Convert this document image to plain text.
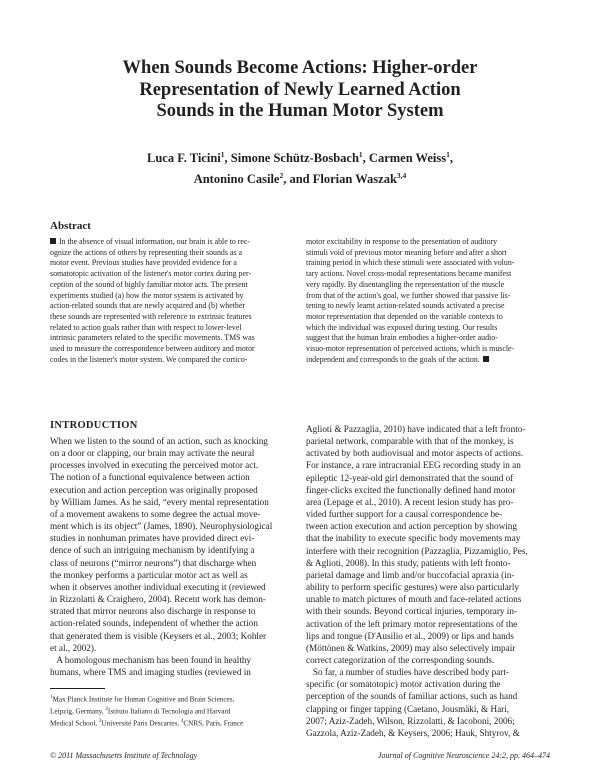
When Sounds Become Actions: Higher-order
Representation of Newly Learned Action
Sounds in the Human Motor System
Luca F. Ticini$^1$, Simone Schütz-Bosbach$^1$, Carmen Weiss$^1$,
Antonino Casile$^2$, and Florian Waszak$^{3,4}$
Abstract
In the absence of visual information, our brain is able to rec-
ognize the actions of others by representing their sounds as a
motor event. Previous studies have provided evidence for a
somatotopic activation of the listener's motor cortex during per-
ception of the sound of highly familiar motor acts. The present
experiments studied (a) how the motor system is activated by
action-related sounds that are newly acquired and (b) whether
these sounds are represented with reference to extrinsic features
related to action goals rather than with respect to lower-level
intrinsic parameters related to the specific movements. TMS was
used to measure the correspondence between auditory and motor
codes in the listener's motor system. We compared the cortico-
motor excitability in response to the presentation of auditory
stimuli void of previous motor meaning before and after a short
training period in which these stimuli were associated with volun-
tary actions. Novel cross-modal representations became manifest
very rapidly. By disentangling the representation of the muscle
from that of the action's goal, we further showed that passive lis-
tening to newly learnt action-related sounds activated a precise
motor representation that depended on the variable contexts to
which the individual was exposed during testing. Our results
suggest that the human brain embodies a higher-order audio-
visuo-motor representation of perceived actions, which is muscle-
independent and corresponds to the goals of the action.
INTRODUCTION
When we listen to the sound of an action, such as knocking
on a door or clapping, our brain may activate the neural
processes involved in executing the perceived motor act.
The notion of a functional equivalence between action
execution and action perception was originally proposed
by William James. As he said, “every mental representation
of a movement awakens to some degree the actual move-
ment which is its object” (James, 1890). Neurophysiological
studies in nonhuman primates have provided direct evi-
dence of such an intriguing mechanism by identifying a
class of neurons (“mirror neurons”) that discharge when
the monkey performs a particular motor act as well as
when it observes another individual executing it (reviewed
in Rizzolatti & Craighero, 2004). Recent work has demon-
strated that mirror neurons also discharge in response to
action-related sounds, independent of whether the action
that generated them is visible (Keysers et al., 2003; Kohler
et al., 2002).
A homologous mechanism has been found in healthy
humans, where TMS and imaging studies (reviewed in
Aglioti & Pazzaglia, 2010) have indicated that a left fronto-
parietal network, comparable with that of the monkey, is
activated by both audiovisual and motor aspects of actions.
For instance, a rare intracranial EEG recording study in an
epileptic 12-year-old girl demonstrated that the sound of
finger-clicks excited the functionally defined hand motor
area (Lepage et al., 2010). A recent lesion study has pro-
vided further support for a causal correspondence be-
tween action execution and action perception by showing
that the inability to execute specific body movements may
interfere with their recognition (Pazzaglia, Pizzamiglio, Pes,
& Aglioti, 2008). In this study, patients with left fronto-
parietal damage and limb and/or buccofacial apraxia (in-
ability to perform specific gestures) were also particularly
unable to match pictures of mouth and face-related actions
with their sounds. Beyond cortical injuries, temporary in-
activation of the left primary motor representations of the
lips and tongue (D'Ausilio et al., 2009) or lips and hands
(Möttönen & Watkins, 2009) may also selectively impair
correct categorization of the corresponding sounds.
So far, a number of studies have described body part-
specific (or somatotopic) motor activation during the
perception of the sounds of familiar actions, such as hand
clapping or finger tapping (Caetano, Jousmäki, & Hari,
2007; Aziz-Zadeh, Wilson, Rizzolatti, & Iacoboni, 2006;
Gazzola, Aziz-Zadeh, & Keysers, 2006; Hauk, Shtyrov, &
$^1$Max Planck Institute for Human Cognitive and Brain Sciences,
Leipzig, Germany, $^2$Istituto Italiano di Tecnologia and Harvard
Medical School, $^3$Université Paris Descartes, $^4$CNRS, Paris, France
© 2011 Massachusetts Institute of Technology	Journal of Cognitive Neuroscience 24:2, pp. 464–474
